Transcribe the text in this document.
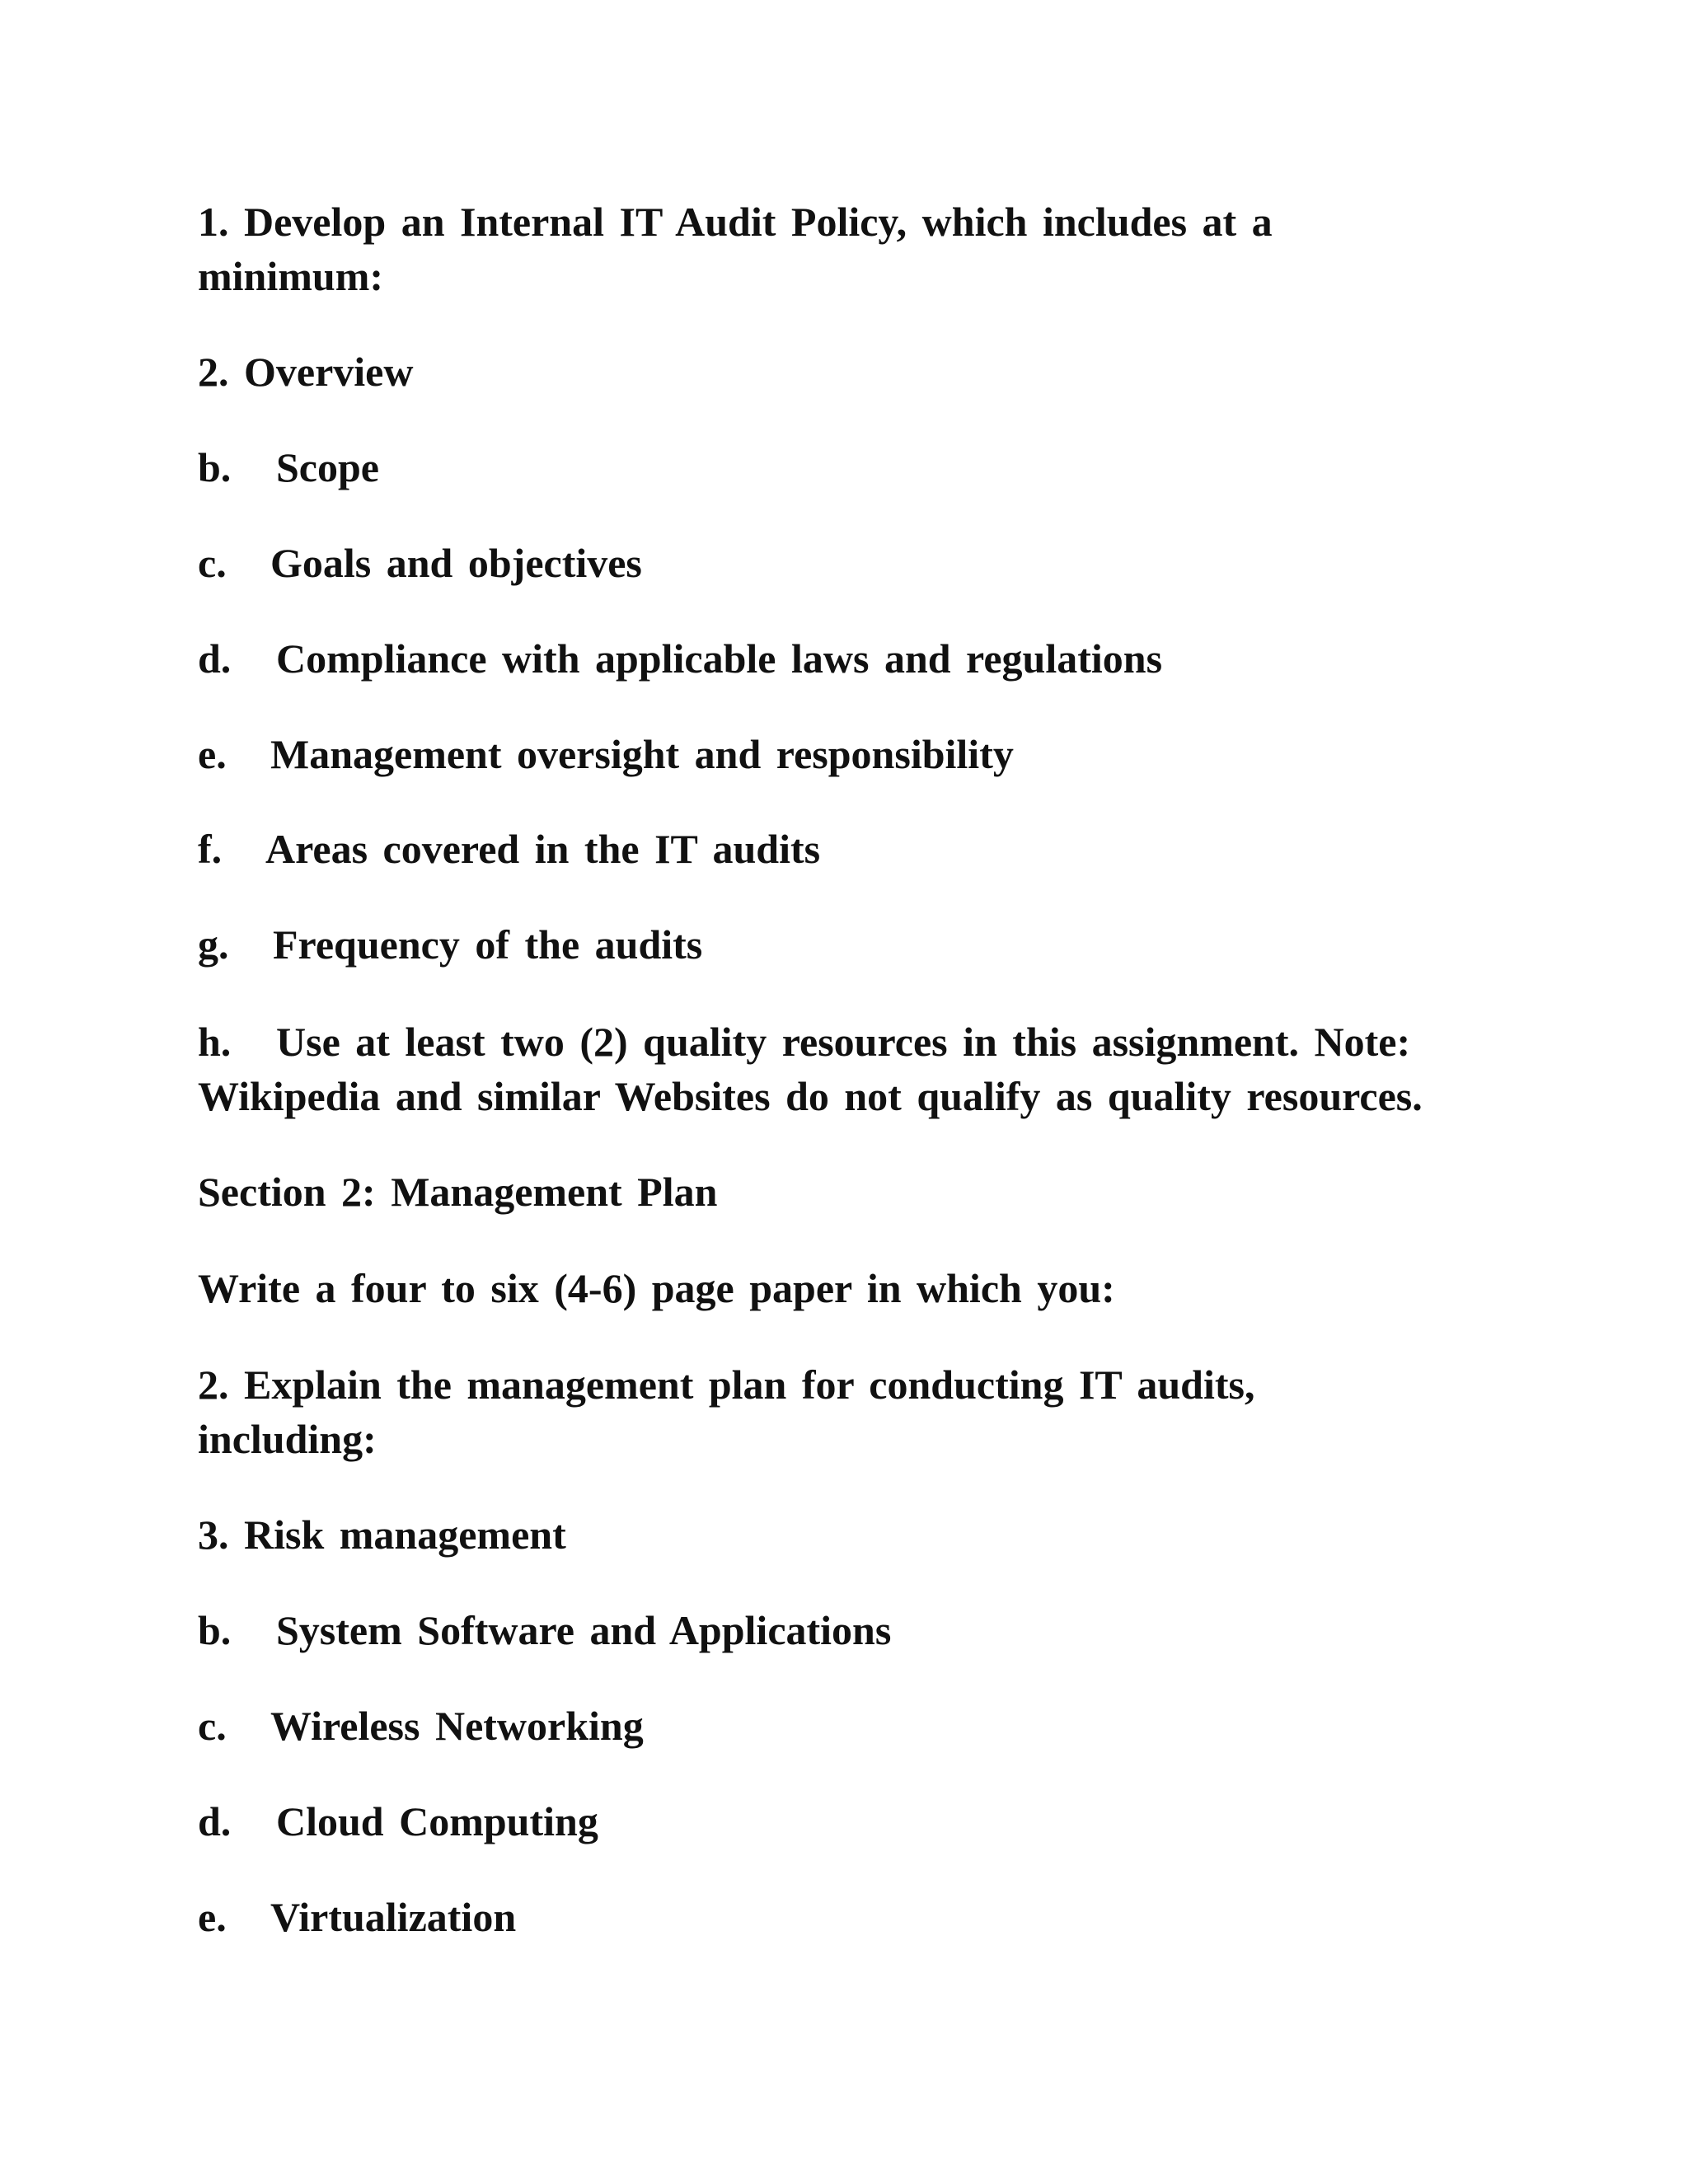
1. Develop an Internal IT Audit Policy, which includes at a
minimum:
2. Overview
b. Scope
c. Goals and objectives
d. Compliance with applicable laws and regulations
e. Management oversight and responsibility
f. Areas covered in the IT audits
g. Frequency of the audits
h. Use at least two (2) quality resources in this assignment. Note:
Wikipedia and similar Websites do not qualify as quality resources.
Section 2: Management Plan
Write a four to six (4-6) page paper in which you:
2. Explain the management plan for conducting IT audits,
including:
3. Risk management
b. System Software and Applications
c. Wireless Networking
d. Cloud Computing
e. Virtualization
